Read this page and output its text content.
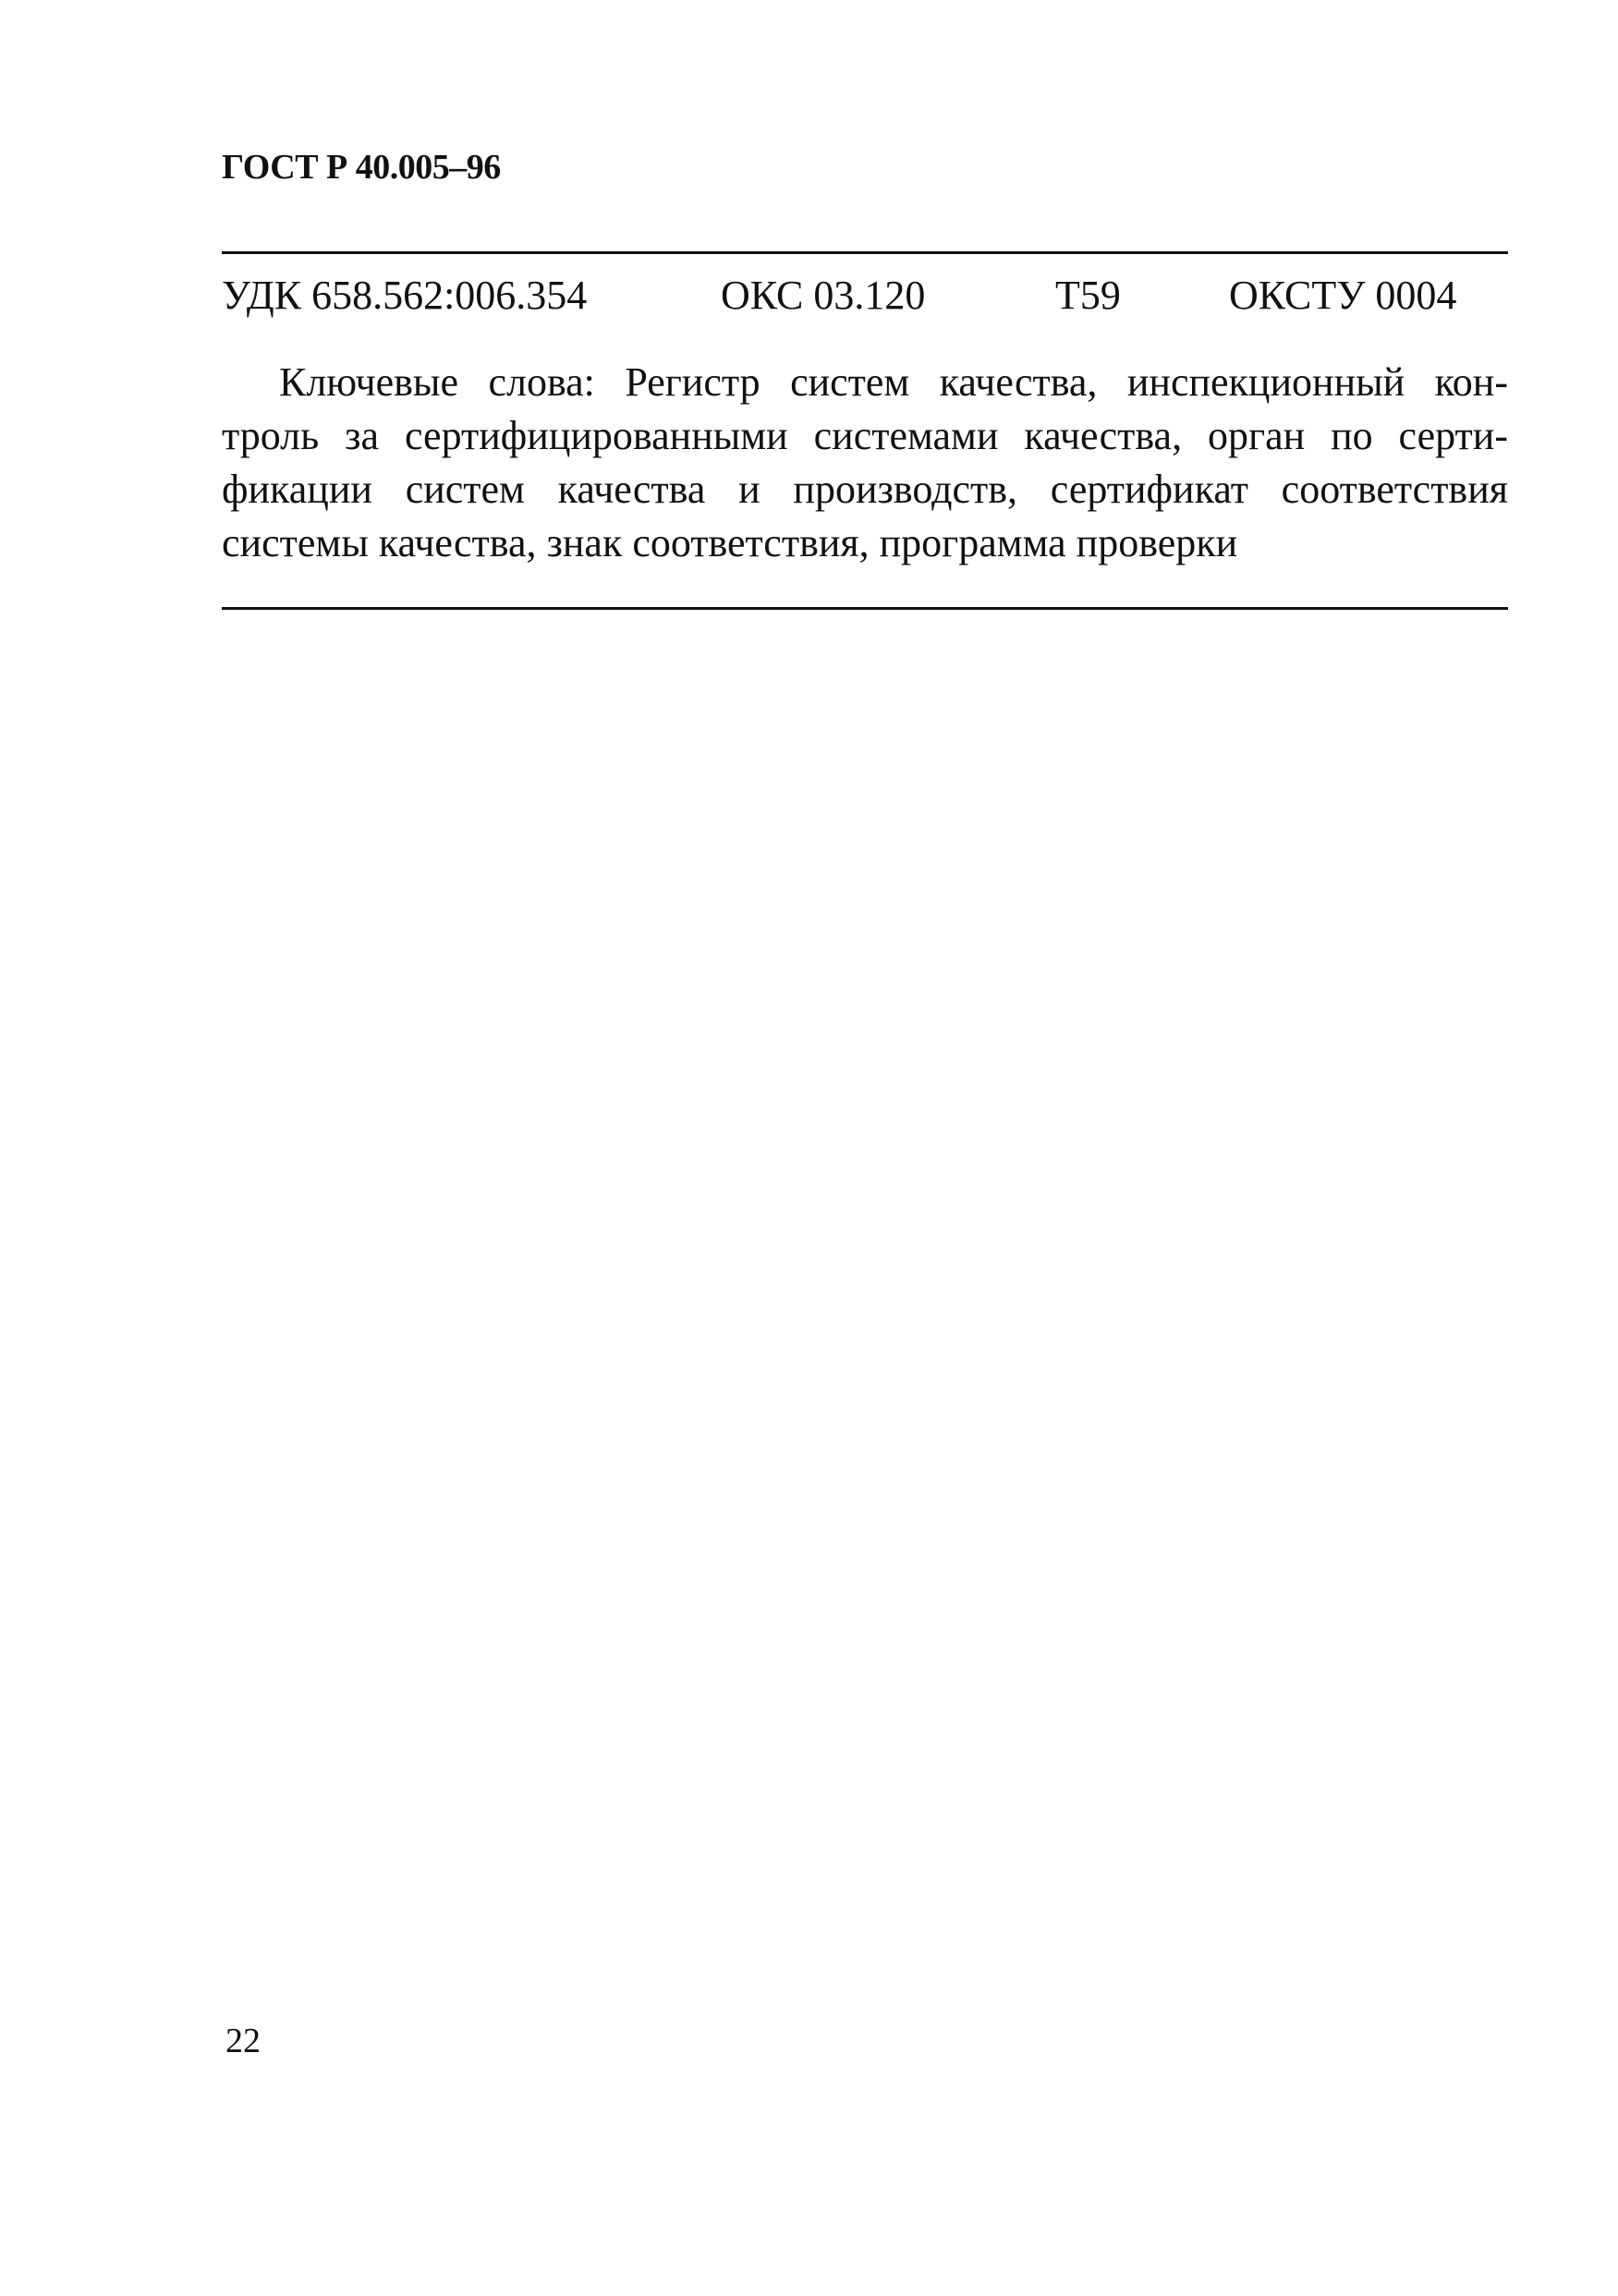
ГОСТ Р 40.005–96
УДК 658.562:006.354	ОКС 03.120	Т59	ОКСТУ 0004
Ключевые слова: Регистр систем качества, инспекционный кон-
троль за сертифицированными системами качества, орган по серти-
фикации систем качества и производств, сертификат соответствия
системы качества, знак соответствия, программа проверки
22
